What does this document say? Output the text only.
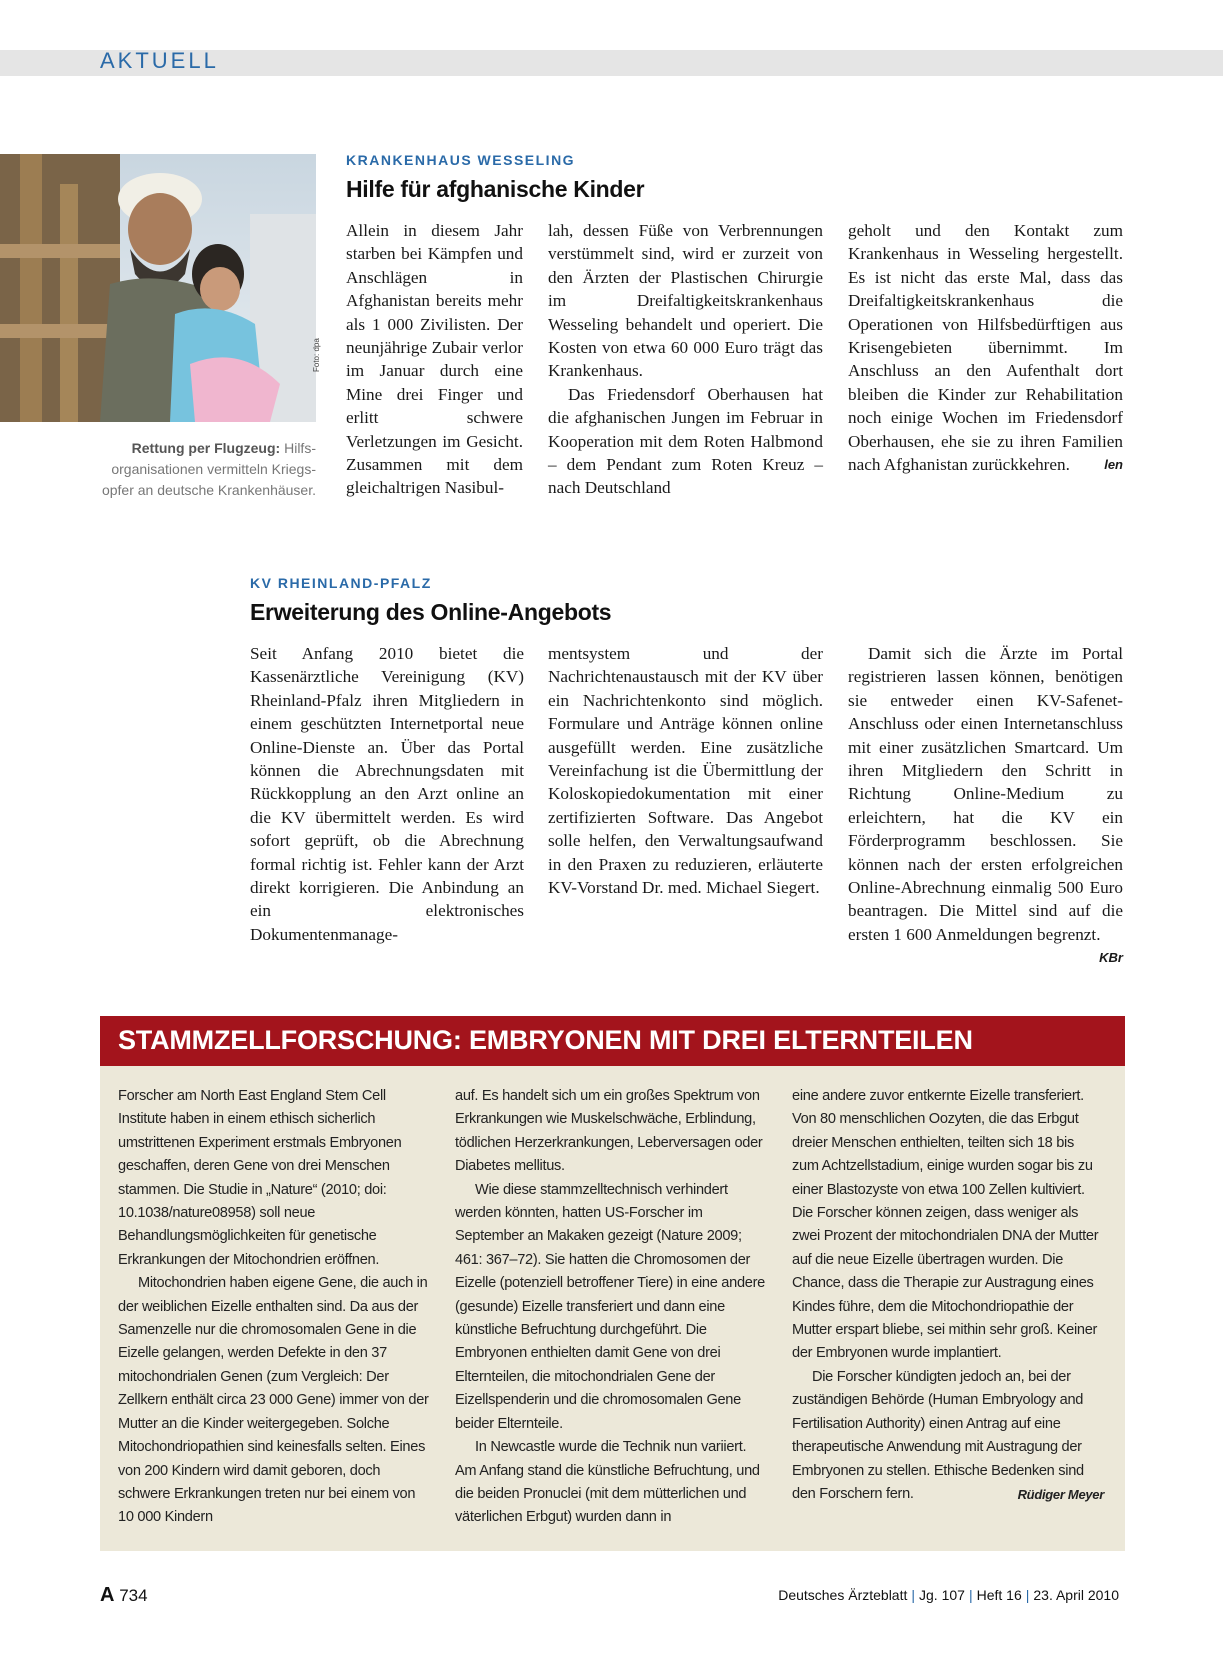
AKTUELL
Foto: dpa
Rettung per Flugzeug: Hilfsorganisationen vermitteln Kriegsopfer an deutsche Krankenhäuser.
KRANKENHAUS WESSELING
Hilfe für afghanische Kinder

Allein in diesem Jahr starben bei Kämpfen und Anschlägen in Afghanistan bereits mehr als 1 000 Zivilisten. Der neunjährige Zubair verlor im Januar durch eine Mine drei Finger und erlitt schwere Verletzungen im Gesicht. Zusammen mit dem gleichaltrigen Nasibul-

lah, dessen Füße von Verbrennungen verstümmelt sind, wird er zurzeit von den Ärzten der Plastischen Chirurgie im Dreifaltigkeitskrankenhaus Wesseling behandelt und operiert. Die Kosten von etwa 60 000 Euro trägt das Krankenhaus.

Das Friedensdorf Oberhausen hat die afghanischen Jungen im Februar in Kooperation mit dem Roten Halbmond – dem Pendant zum Roten Kreuz – nach Deutschland

geholt und den Kontakt zum Krankenhaus in Wesseling hergestellt. Es ist nicht das erste Mal, dass das Dreifaltigkeitskrankenhaus die Operationen von Hilfsbedürftigen aus Krisengebieten übernimmt. Im Anschluss an den Aufenthalt dort bleiben die Kinder zur Rehabilitation noch einige Wochen im Friedensdorf Oberhausen, ehe sie zu ihren Familien nach Afghanistan zurückkehren.	len

KV RHEINLAND-PFALZ
Erweiterung des Online-Angebots

Seit Anfang 2010 bietet die Kassenärztliche Vereinigung (KV) Rheinland-Pfalz ihren Mitgliedern in einem geschützten Internetportal neue Online-Dienste an. Über das Portal können die Abrechnungsdaten mit Rückkopplung an den Arzt online an die KV übermittelt werden. Es wird sofort geprüft, ob die Abrechnung formal richtig ist. Fehler kann der Arzt direkt korrigieren. Die Anbindung an ein elektronisches Dokumentenmanage-

mentsystem und der Nachrichtenaustausch mit der KV über ein Nachrichtenkonto sind möglich. Formulare und Anträge können online ausgefüllt werden. Eine zusätzliche Vereinfachung ist die Übermittlung der Koloskopiedokumentation mit einer zertifizierten Software. Das Angebot solle helfen, den Verwaltungsaufwand in den Praxen zu reduzieren, erläuterte KV-Vorstand Dr. med. Michael Siegert.

Damit sich die Ärzte im Portal registrieren lassen können, benötigen sie entweder einen KV-Safenet-Anschluss oder einen Internetanschluss mit einer zusätzlichen Smartcard. Um ihren Mitgliedern den Schritt in Richtung Online-Medium zu erleichtern, hat die KV ein Förderprogramm beschlossen. Sie können nach der ersten erfolgreichen Online-Abrechnung einmalig 500 Euro beantragen. Die Mittel sind auf die ersten 1 600 Anmeldungen begrenzt.
KBr

STAMMZELLFORSCHUNG: EMBRYONEN MIT DREI ELTERNTEILEN

Forscher am North East England Stem Cell Institute haben in einem ethisch sicherlich umstrittenen Experiment erstmals Embryonen geschaffen, deren Gene von drei Menschen stammen. Die Studie in „Nature“ (2010; doi: 10.1038/nature08958) soll neue Behandlungsmöglichkeiten für genetische Erkrankungen der Mitochondrien eröffnen.

Mitochondrien haben eigene Gene, die auch in der weiblichen Eizelle enthalten sind. Da aus der Samenzelle nur die chromosomalen Gene in die Eizelle gelangen, werden Defekte in den 37 mitochondrialen Genen (zum Vergleich: Der Zellkern enthält circa 23 000 Gene) immer von der Mutter an die Kinder weitergegeben. Solche Mitochondriopathien sind keinesfalls selten. Eines von 200 Kindern wird damit geboren, doch schwere Erkrankungen treten nur bei einem von 10 000 Kindern

auf. Es handelt sich um ein großes Spektrum von Erkrankungen wie Muskelschwäche, Erblindung, tödlichen Herzerkrankungen, Leberversagen oder Diabetes mellitus.

Wie diese stammzelltechnisch verhindert werden könnten, hatten US-Forscher im September an Makaken gezeigt (Nature 2009; 461: 367–72). Sie hatten die Chromosomen der Eizelle (potenziell betroffener Tiere) in eine andere (gesunde) Eizelle transferiert und dann eine künstliche Befruchtung durchgeführt. Die Embryonen enthielten damit Gene von drei Elternteilen, die mitochondrialen Gene der Eizellspenderin und die chromosomalen Gene beider Elternteile.

In Newcastle wurde die Technik nun variiert. Am Anfang stand die künstliche Befruchtung, und die beiden Pronuclei (mit dem mütterlichen und väterlichen Erbgut) wurden dann in

eine andere zuvor entkernte Eizelle transferiert. Von 80 menschlichen Oozyten, die das Erbgut dreier Menschen enthielten, teilten sich 18 bis zum Achtzellstadium, einige wurden sogar bis zu einer Blastozyste von etwa 100 Zellen kultiviert. Die Forscher können zeigen, dass weniger als zwei Prozent der mitochondrialen DNA der Mutter auf die neue Eizelle übertragen wurden. Die Chance, dass die Therapie zur Austragung eines Kindes führe, dem die Mitochondriopathie der Mutter erspart bliebe, sei mithin sehr groß. Keiner der Embryonen wurde implantiert.

Die Forscher kündigten jedoch an, bei der zuständigen Behörde (Human Embryology and Fertilisation Authority) einen Antrag auf eine therapeutische Anwendung mit Austragung der Embryonen zu stellen. Ethische Bedenken sind den Forschern fern.	Rüdiger Meyer

A 734	Deutsches Ärzteblatt | Jg. 107 | Heft 16 | 23. April 2010
